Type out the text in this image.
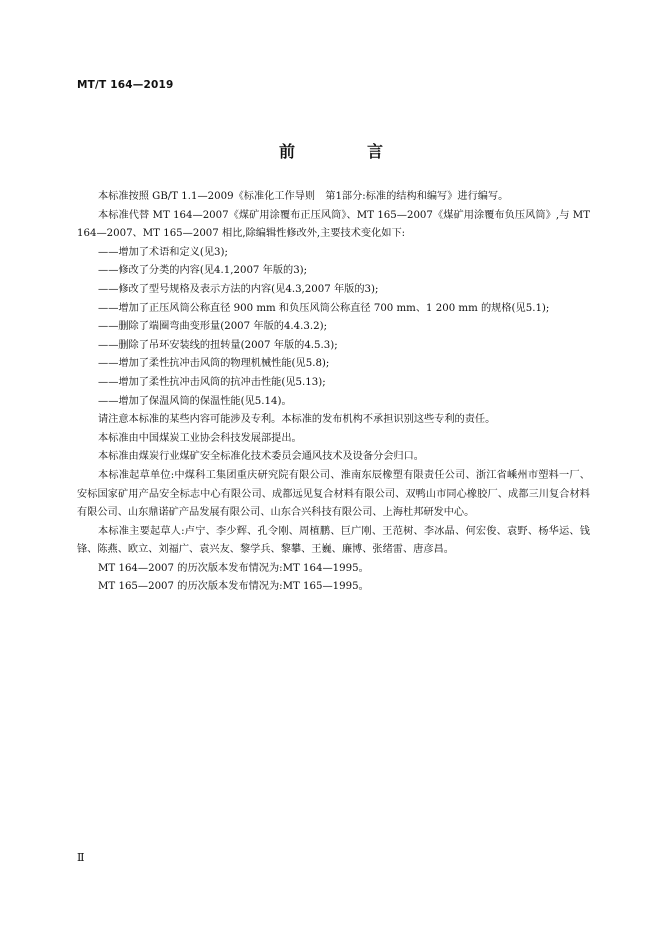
MT/T 164—2019
前　言

本标准按照 GB/T 1.1—2009《标准化工作导则　第1部分:标准的结构和编写》进行编写。

本标准代替 MT 164—2007《煤矿用涂覆布正压风筒》、MT 165—2007《煤矿用涂覆布负压风筒》,与 MT 164—2007、MT 165—2007 相比,除编辑性修改外,主要技术变化如下:

——增加了术语和定义(见3);

——修改了分类的内容(见4.1,2007 年版的3);

——修改了型号规格及表示方法的内容(见4.3,2007 年版的3);

——增加了正压风筒公称直径 900 mm 和负压风筒公称直径 700 mm、1 200 mm 的规格(见5.1);

——删除了端圈弯曲变形量(2007 年版的4.4.3.2);

——删除了吊环安装线的扭转量(2007 年版的4.5.3);

——增加了柔性抗冲击风筒的物理机械性能(见5.8);

——增加了柔性抗冲击风筒的抗冲击性能(见5.13);

——增加了保温风筒的保温性能(见5.14)。

请注意本标准的某些内容可能涉及专利。本标准的发布机构不承担识别这些专利的责任。

本标准由中国煤炭工业协会科技发展部提出。

本标准由煤炭行业煤矿安全标准化技术委员会通风技术及设备分会归口。

本标准起草单位:中煤科工集团重庆研究院有限公司、淮南东辰橡塑有限责任公司、浙江省嵊州市塑料一厂、安标国家矿用产品安全标志中心有限公司、成都远见复合材料有限公司、双鸭山市同心橡胶厂、成都三川复合材料有限公司、山东鼎诺矿产品发展有限公司、山东合兴科技有限公司、上海杜邦研发中心。

本标准主要起草人:卢宁、李少辉、孔令刚、周植鹏、巨广刚、王范树、李冰晶、何宏俊、袁野、杨华运、钱锋、陈燕、欧立、刘福广、袁兴友、黎学兵、黎攀、王巍、廉博、张绪雷、唐彦昌。

MT 164—2007 的历次版本发布情况为:MT 164—1995。

MT 165—2007 的历次版本发布情况为:MT 165—1995。

Ⅱ
